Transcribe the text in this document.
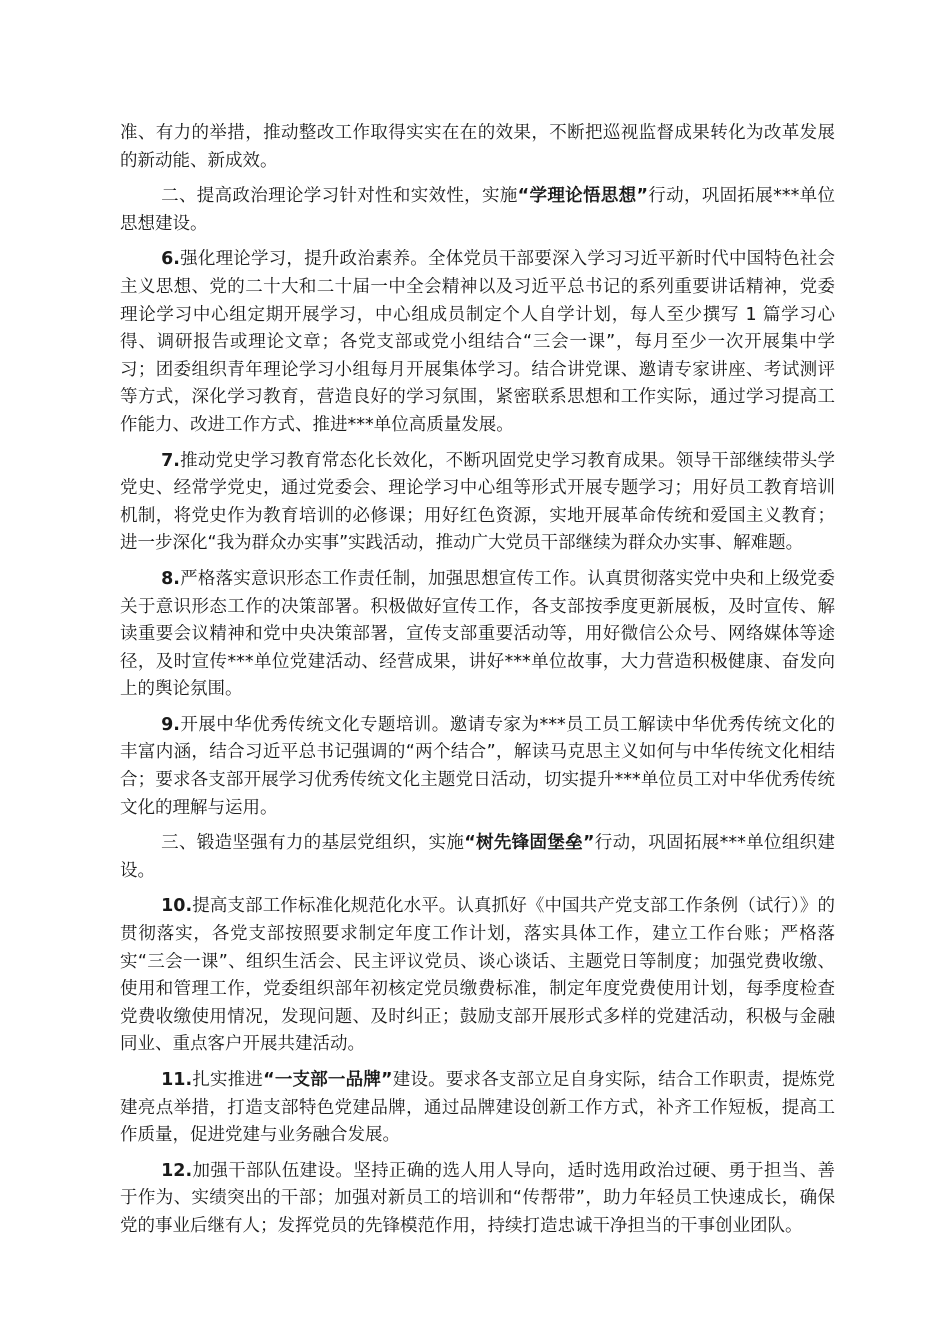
准、有力的举措，推动整改工作取得实实在在的效果，不断把巡视监督成果转化为改革发展的新动能、新成效。

二、提高政治理论学习针对性和实效性，实施“学理论悟思想”行动，巩固拓展***单位思想建设。

6.强化理论学习，提升政治素养。全体党员干部要深入学习习近平新时代中国特色社会主义思想、党的二十大和二十届一中全会精神以及习近平总书记的系列重要讲话精神，党委理论学习中心组定期开展学习，中心组成员制定个人自学计划，每人至少撰写 1 篇学习心得、调研报告或理论文章；各党支部或党小组结合“三会一课”，每月至少一次开展集中学习；团委组织青年理论学习小组每月开展集体学习。结合讲党课、邀请专家讲座、考试测评等方式，深化学习教育，营造良好的学习氛围，紧密联系思想和工作实际，通过学习提高工作能力、改进工作方式、推进***单位高质量发展。

7.推动党史学习教育常态化长效化，不断巩固党史学习教育成果。领导干部继续带头学党史、经常学党史，通过党委会、理论学习中心组等形式开展专题学习；用好员工教育培训机制，将党史作为教育培训的必修课；用好红色资源，实地开展革命传统和爱国主义教育；进一步深化“我为群众办实事”实践活动，推动广大党员干部继续为群众办实事、解难题。

8.严格落实意识形态工作责任制，加强思想宣传工作。认真贯彻落实党中央和上级党委关于意识形态工作的决策部署。积极做好宣传工作，各支部按季度更新展板，及时宣传、解读重要会议精神和党中央决策部署，宣传支部重要活动等，用好微信公众号、网络媒体等途径，及时宣传***单位党建活动、经营成果，讲好***单位故事，大力营造积极健康、奋发向上的舆论氛围。

9.开展中华优秀传统文化专题培训。邀请专家为***员工员工解读中华优秀传统文化的丰富内涵，结合习近平总书记强调的“两个结合”，解读马克思主义如何与中华传统文化相结合；要求各支部开展学习优秀传统文化主题党日活动，切实提升***单位员工对中华优秀传统文化的理解与运用。

三、锻造坚强有力的基层党组织，实施“树先锋固堡垒”行动，巩固拓展***单位组织建设。

10.提高支部工作标准化规范化水平。认真抓好《中国共产党支部工作条例（试行）》的贯彻落实，各党支部按照要求制定年度工作计划，落实具体工作，建立工作台账；严格落实“三会一课”、组织生活会、民主评议党员、谈心谈话、主题党日等制度；加强党费收缴、使用和管理工作，党委组织部年初核定党员缴费标准，制定年度党费使用计划，每季度检查党费收缴使用情况，发现问题、及时纠正；鼓励支部开展形式多样的党建活动，积极与金融同业、重点客户开展共建活动。

11.扎实推进“一支部一品牌”建设。要求各支部立足自身实际，结合工作职责，提炼党建亮点举措，打造支部特色党建品牌，通过品牌建设创新工作方式，补齐工作短板，提高工作质量，促进党建与业务融合发展。

12.加强干部队伍建设。坚持正确的选人用人导向，适时选用政治过硬、勇于担当、善于作为、实绩突出的干部；加强对新员工的培训和“传帮带”，助力年轻员工快速成长，确保党的事业后继有人；发挥党员的先锋模范作用，持续打造忠诚干净担当的干事创业团队。
